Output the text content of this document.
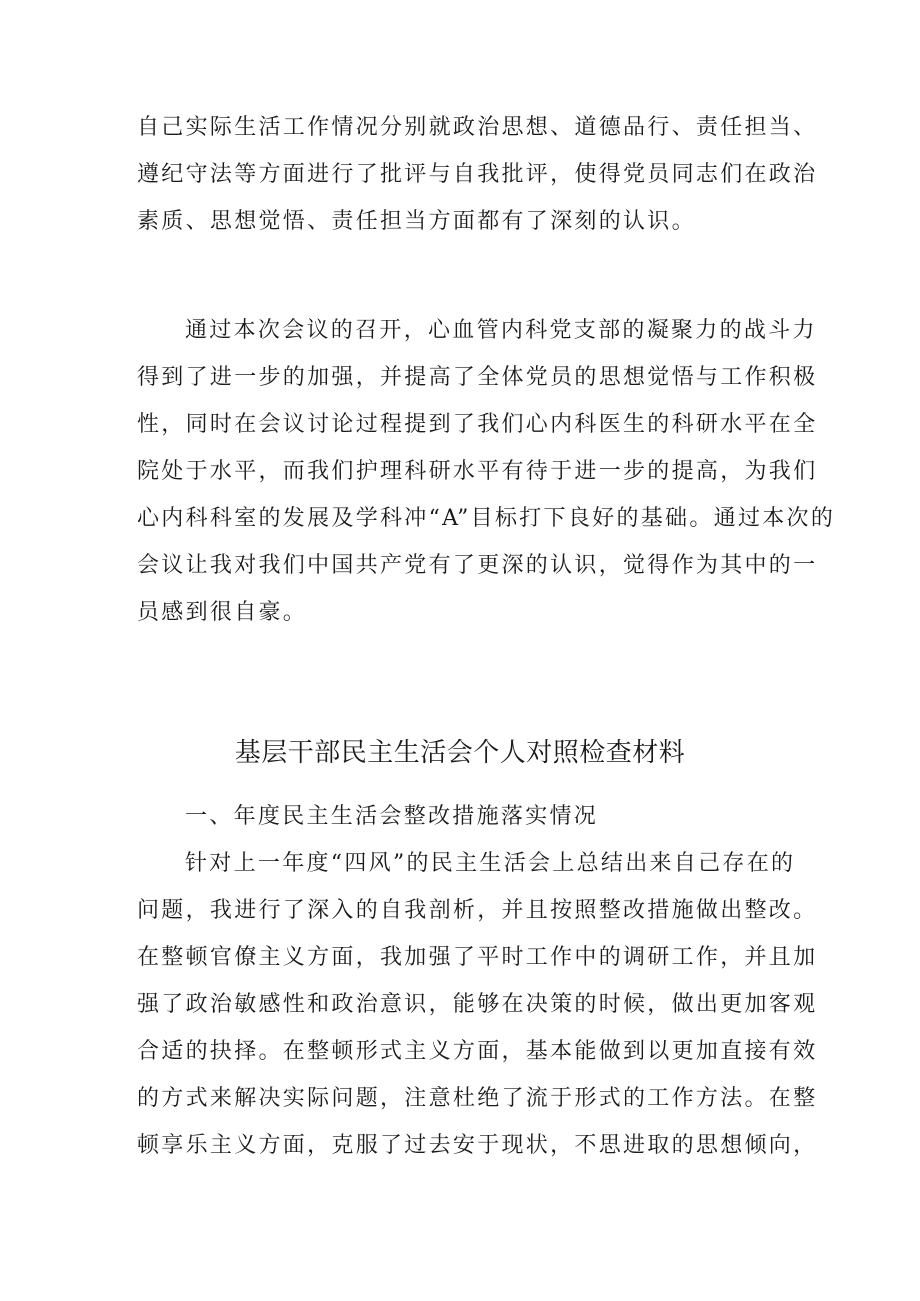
自己实际生活工作情况分别就政治思想、道德品行、责任担当、
遵纪守法等方面进行了批评与自我批评，使得党员同志们在政治
素质、思想觉悟、责任担当方面都有了深刻的认识。
通过本次会议的召开，心血管内科党支部的凝聚力的战斗力
得到了进一步的加强，并提高了全体党员的思想觉悟与工作积极
性，同时在会议讨论过程提到了我们心内科医生的科研水平在全
院处于水平，而我们护理科研水平有待于进一步的提高，为我们
心内科科室的发展及学科冲“A”目标打下良好的基础。通过本次的
会议让我对我们中国共产党有了更深的认识，觉得作为其中的一
员感到很自豪。
基层干部民主生活会个人对照检查材料
一、年度民主生活会整改措施落实情况
针对上一年度“四风”的民主生活会上总结出来自己存在的
问题，我进行了深入的自我剖析，并且按照整改措施做出整改。
在整顿官僚主义方面，我加强了平时工作中的调研工作，并且加
强了政治敏感性和政治意识，能够在决策的时候，做出更加客观
合适的抉择。在整顿形式主义方面，基本能做到以更加直接有效
的方式来解决实际问题，注意杜绝了流于形式的工作方法。在整
顿享乐主义方面，克服了过去安于现状，不思进取的思想倾向，
